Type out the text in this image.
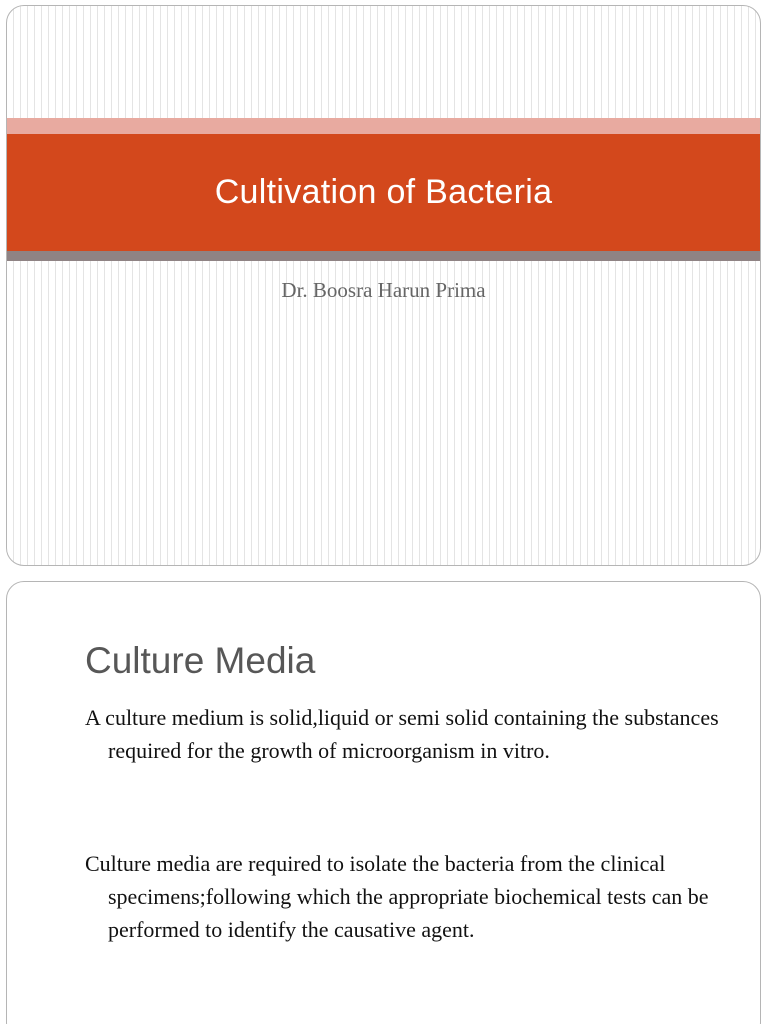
Cultivation of Bacteria
Dr. Boosra Harun Prima
Culture Media
A culture medium is solid,liquid or semi solid containing the substances required for the growth of microorganism in vitro.
Culture media are required to isolate the bacteria from the clinical specimens;following which the appropriate biochemical tests can be performed to identify the causative agent.
